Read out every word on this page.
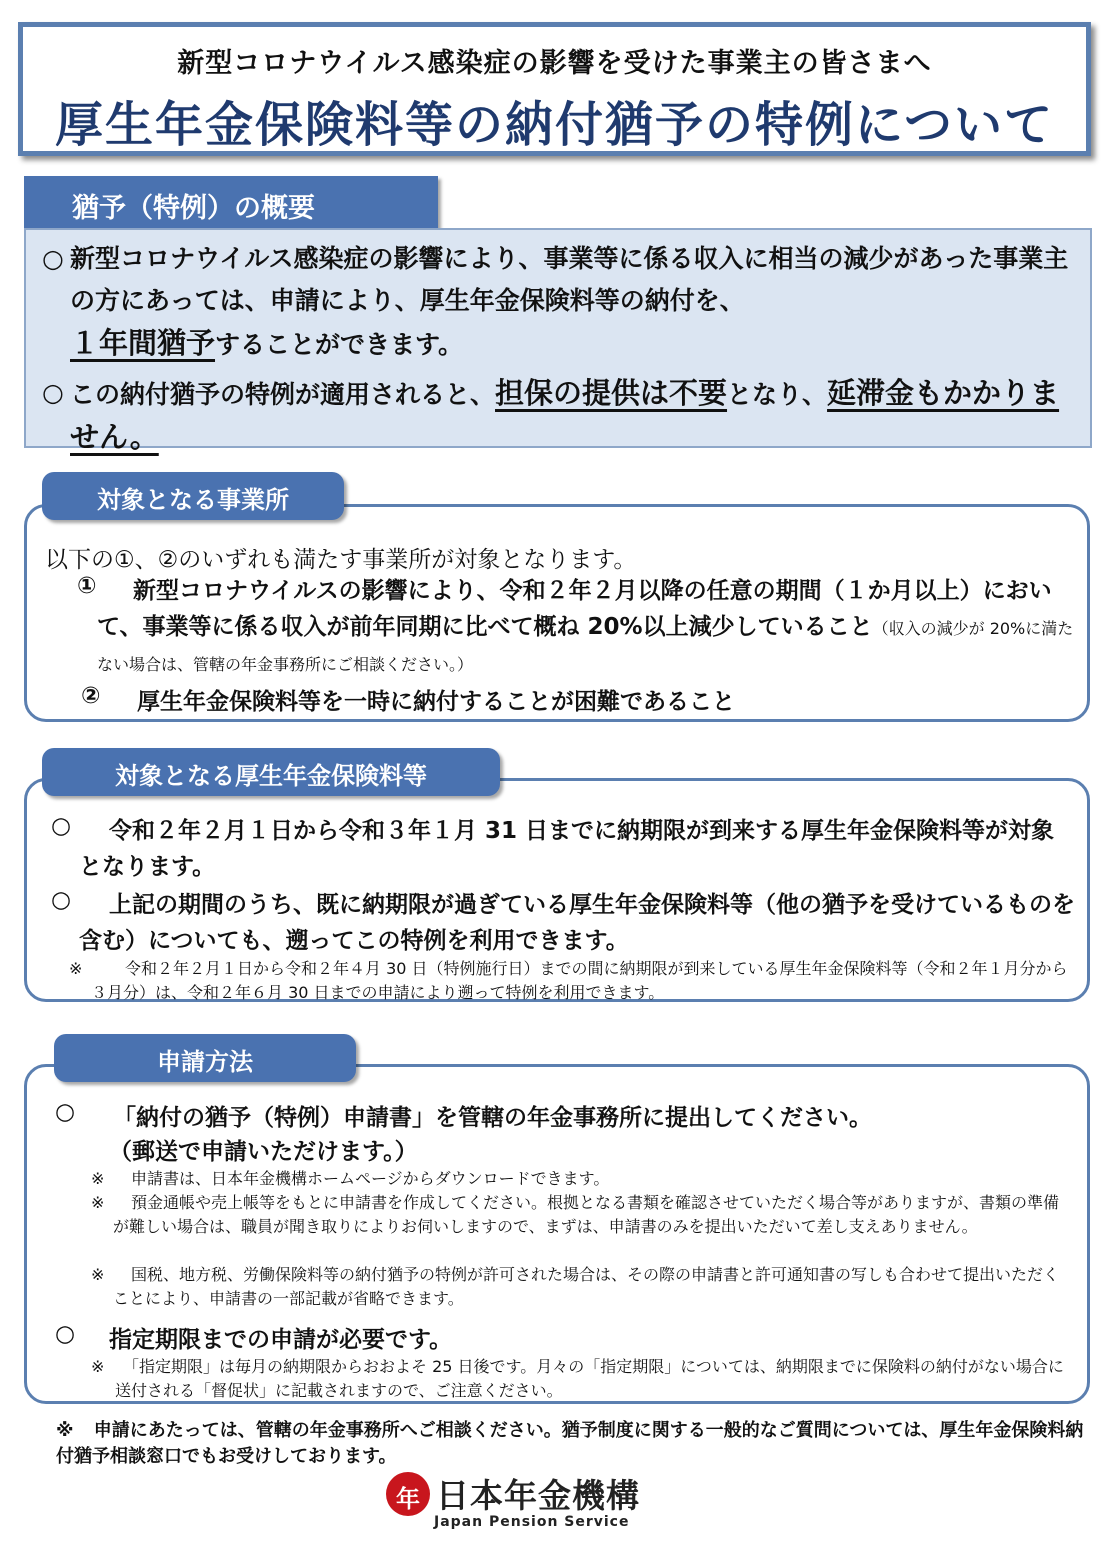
新型コロナウイルス感染症の影響を受けた事業主の皆さまへ
厚生年金保険料等の納付猶予の特例について
猶予（特例）の概要
○ 新型コロナウイルス感染症の影響により、事業等に係る収入に相当の減少があった事業主の方にあっては、申請により、厚生年金保険料等の納付を、
１年間猶予することができます。
○ この納付猶予の特例が適用されると、担保の提供は不要となり、延滞金もかかりません。
以下の①、②のいずれも満たす事業所が対象となります。
①	新型コロナウイルスの影響により、令和２年２月以降の任意の期間（１か月以上）において、事業等に係る収入が前年同期に比べて概ね 20%以上減少していること（収入の減少が 20%に満たない場合は、管轄の年金事務所にご相談ください。）
② 厚生年金保険料等を一時に納付することが困難であること
対象となる事業所
○	令和２年２月１日から令和３年１月 31 日までに納期限が到来する厚生年金保険料等が対象となります。
○	上記の期間のうち、既に納期限が過ぎている厚生年金保険料等（他の猶予を受けているものを含む）についても、遡ってこの特例を利用できます。
※	令和２年２月１日から令和２年４月 30 日（特例施行日）までの間に納期限が到来している厚生年金保険料等（令和２年１月分から３月分）は、令和２年６月 30 日までの申請により遡って特例を利用できます。
対象となる厚生年金保険料等
○ 「納付の猶予（特例）申請書」を管轄の年金事務所に提出してください。
（郵送で申請いただけます。）
※ 申請書は、日本年金機構ホームページからダウンロードできます。
※	預金通帳や売上帳等をもとに申請書を作成してください。根拠となる書類を確認させていただく場合等がありますが、書類の準備が難しい場合は、職員が聞き取りによりお伺いしますので、まずは、申請書のみを提出いただいて差し支えありません。
※	国税、地方税、労働保険料等の納付猶予の特例が許可された場合は、その際の申請書と許可通知書の写しも合わせて提出いただくことにより、申請書の一部記載が省略できます。
○ 指定期限までの申請が必要です。
※	「指定期限」は毎月の納期限からおおよそ 25 日後です。月々の「指定期限」については、納期限までに保険料の納付がない場合に送付される「督促状」に記載されますので、ご注意ください。
申請方法
※ 申請にあたっては、管轄の年金事務所へご相談ください。猶予制度に関する一般的なご質問については、厚生年金保険料納付猶予相談窓口でもお受けしております。
年 日本年金機構
Japan Pension Service
